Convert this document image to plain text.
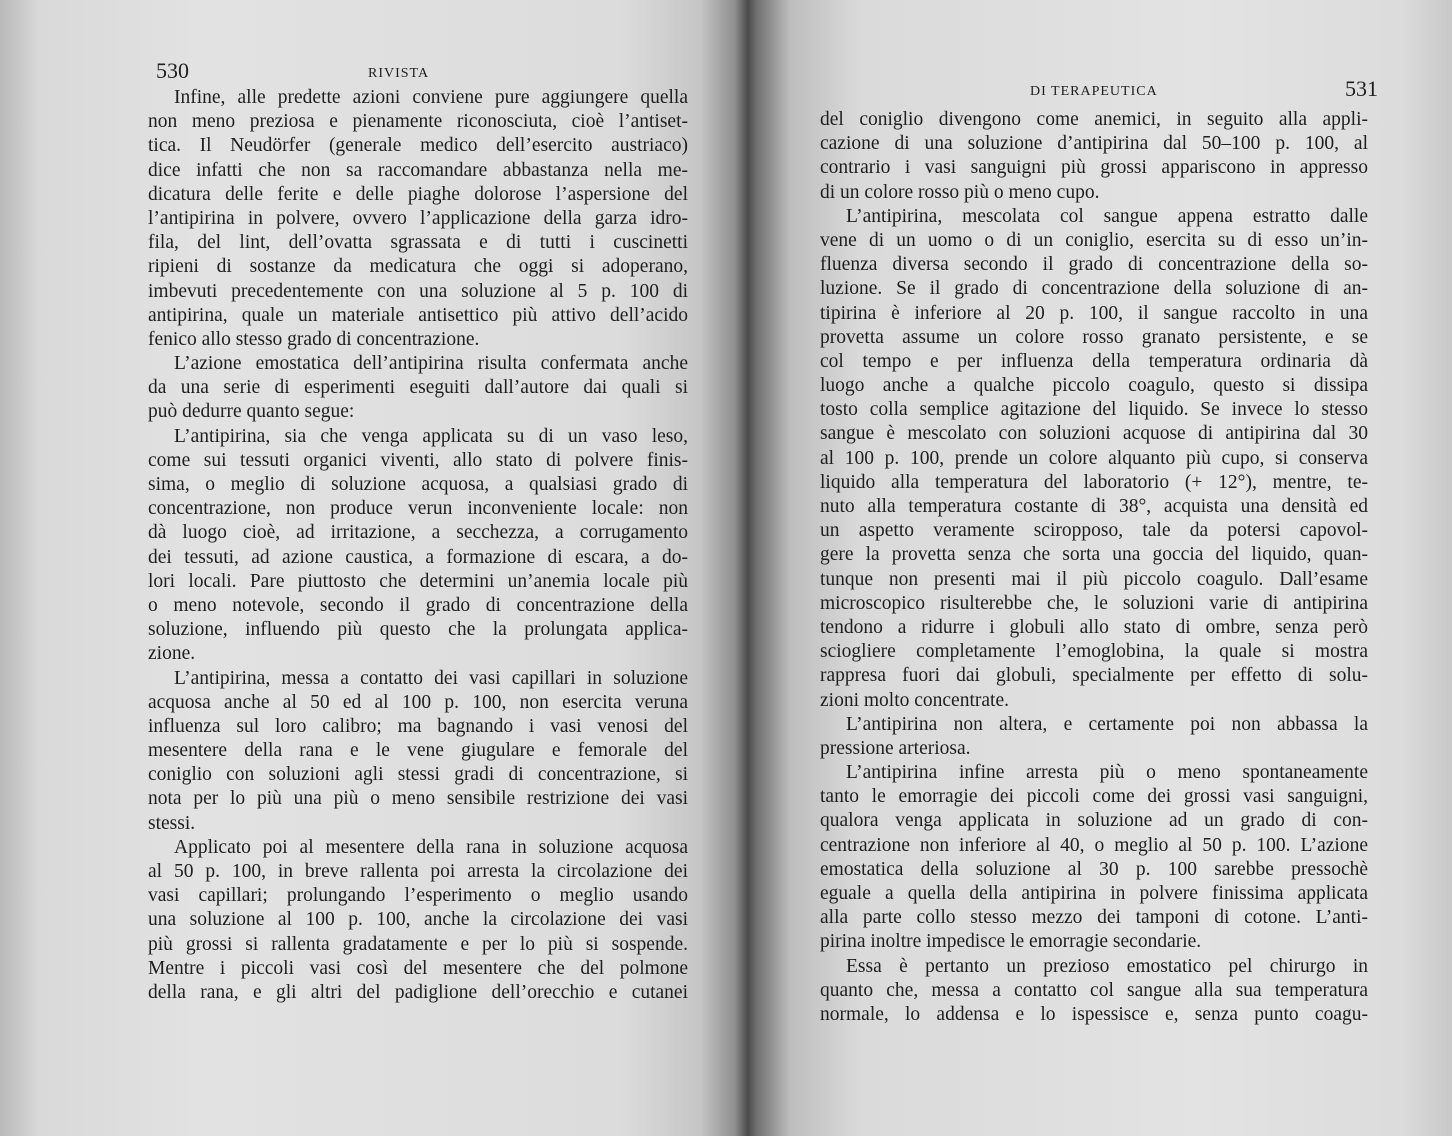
530	RIVISTA
Infine, alle predette azioni conviene pure aggiungere quella
non meno preziosa e pienamente riconosciuta, cioè l’antiset-
tica. Il Neudörfer (generale medico dell’esercito austriaco)
dice infatti che non sa raccomandare abbastanza nella me-
dicatura delle ferite e delle piaghe dolorose l’aspersione del
l’antipirina in polvere, ovvero l’applicazione della garza idro-
fila, del lint, dell’ovatta sgrassata e di tutti i cuscinetti
ripieni di sostanze da medicatura che oggi si adoperano,
imbevuti precedentemente con una soluzione al 5 p. 100 di
antipirina, quale un materiale antisettico più attivo dell’acido
fenico allo stesso grado di concentrazione.
L’azione emostatica dell’antipirina risulta confermata anche
da una serie di esperimenti eseguiti dall’autore dai quali si
può dedurre quanto segue:
L’antipirina, sia che venga applicata su di un vaso leso,
come sui tessuti organici viventi, allo stato di polvere finis-
sima, o meglio di soluzione acquosa, a qualsiasi grado di
concentrazione, non produce verun inconveniente locale: non
dà luogo cioè, ad irritazione, a secchezza, a corrugamento
dei tessuti, ad azione caustica, a formazione di escara, a do-
lori locali. Pare piuttosto che determini un’anemia locale più
o meno notevole, secondo il grado di concentrazione della
soluzione, influendo più questo che la prolungata applica-
zione.
L’antipirina, messa a contatto dei vasi capillari in soluzione
acquosa anche al 50 ed al 100 p. 100, non esercita veruna
influenza sul loro calibro; ma bagnando i vasi venosi del
mesentere della rana e le vene giugulare e femorale del
coniglio con soluzioni agli stessi gradi di concentrazione, si
nota per lo più una più o meno sensibile restrizione dei vasi
stessi.
Applicato poi al mesentere della rana in soluzione acquosa
al 50 p. 100, in breve rallenta poi arresta la circolazione dei
vasi capillari; prolungando l’esperimento o meglio usando
una soluzione al 100 p. 100, anche la circolazione dei vasi
più grossi si rallenta gradatamente e per lo più si sospende.
Mentre i piccoli vasi così del mesentere che del polmone
della rana, e gli altri del padiglione dell’orecchio e cutanei
DI TERAPEUTICA	531
del coniglio divengono come anemici, in seguito alla appli-
cazione di una soluzione d’antipirina dal 50–100 p. 100, al
contrario i vasi sanguigni più grossi appariscono in appresso
di un colore rosso più o meno cupo.
L’antipirina, mescolata col sangue appena estratto dalle
vene di un uomo o di un coniglio, esercita su di esso un’in-
fluenza diversa secondo il grado di concentrazione della so-
luzione. Se il grado di concentrazione della soluzione di an-
tipirina è inferiore al 20 p. 100, il sangue raccolto in una
provetta assume un colore rosso granato persistente, e se
col tempo e per influenza della temperatura ordinaria dà
luogo anche a qualche piccolo coagulo, questo si dissipa
tosto colla semplice agitazione del liquido. Se invece lo stesso
sangue è mescolato con soluzioni acquose di antipirina dal 30
al 100 p. 100, prende un colore alquanto più cupo, si conserva
liquido alla temperatura del laboratorio (+ 12°), mentre, te-
nuto alla temperatura costante di 38°, acquista una densità ed
un aspetto veramente sciropposo, tale da potersi capovol-
gere la provetta senza che sorta una goccia del liquido, quan-
tunque non presenti mai il più piccolo coagulo. Dall’esame
microscopico risulterebbe che, le soluzioni varie di antipirina
tendono a ridurre i globuli allo stato di ombre, senza però
sciogliere completamente l’emoglobina, la quale si mostra
rappresa fuori dai globuli, specialmente per effetto di solu-
zioni molto concentrate.
L’antipirina non altera, e certamente poi non abbassa la
pressione arteriosa.
L’antipirina infine arresta più o meno spontaneamente
tanto le emorragie dei piccoli come dei grossi vasi sanguigni,
qualora venga applicata in soluzione ad un grado di con-
centrazione non inferiore al 40, o meglio al 50 p. 100. L’azione
emostatica della soluzione al 30 p. 100 sarebbe pressochè
eguale a quella della antipirina in polvere finissima applicata
alla parte collo stesso mezzo dei tamponi di cotone. L’anti-
pirina inoltre impedisce le emorragie secondarie.
Essa è pertanto un prezioso emostatico pel chirurgo in
quanto che, messa a contatto col sangue alla sua temperatura
normale, lo addensa e lo ispessisce e, senza punto coagu-
